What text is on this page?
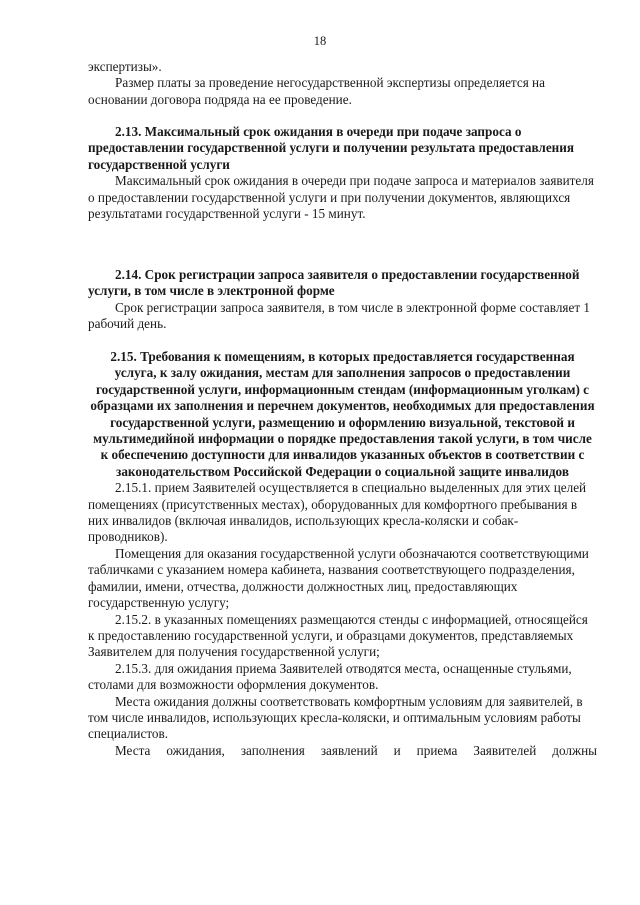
18

экспертизы».

Размер платы за проведение негосударственной экспертизы определяется на основании договора подряда на ее проведение.

2.13. Максимальный срок ожидания в очереди при подаче запроса о предоставлении государственной услуги и получении результата предоставления государственной услуги

Максимальный срок ожидания в очереди при подаче запроса и материалов заявителя о предоставлении государственной услуги и при получении документов, являющихся результатами государственной услуги - 15 минут.

2.14. Срок регистрации запроса заявителя о предоставлении государственной услуги, в том числе в электронной форме

Срок регистрации запроса заявителя, в том числе в электронной форме составляет 1 рабочий день.

2.15. Требования к помещениям, в которых предоставляется государственная услуга, к залу ожидания, местам для заполнения запросов о предоставлении государственной услуги, информационным стендам (информационным уголкам) с образцами их заполнения и перечнем документов, необходимых для предоставления государственной услуги, размещению и оформлению визуальной, текстовой и мультимедийной информации о порядке предоставления такой услуги, в том числе к обеспечению доступности для инвалидов указанных объектов в соответствии с законодательством Российской Федерации о социальной защите инвалидов

2.15.1. прием Заявителей осуществляется в специально выделенных для этих целей помещениях (присутственных местах), оборудованных для комфортного пребывания в них инвалидов (включая инвалидов, использующих кресла-коляски и собак-проводников).

Помещения для оказания государственной услуги обозначаются соответствующими табличками с указанием номера кабинета, названия соответствующего подразделения, фамилии, имени, отчества, должности должностных лиц, предоставляющих государственную услугу;

2.15.2. в указанных помещениях размещаются стенды с информацией, относящейся к предоставлению государственной услуги, и образцами документов, представляемых Заявителем для получения государственной услуги;

2.15.3. для ожидания приема Заявителей отводятся места, оснащенные стульями, столами для возможности оформления документов.

Места ожидания должны соответствовать комфортным условиям для заявителей, в том числе инвалидов, использующих кресла-коляски, и оптимальным условиям работы специалистов.

Места ожидания, заполнения заявлений и приема Заявителей должны
